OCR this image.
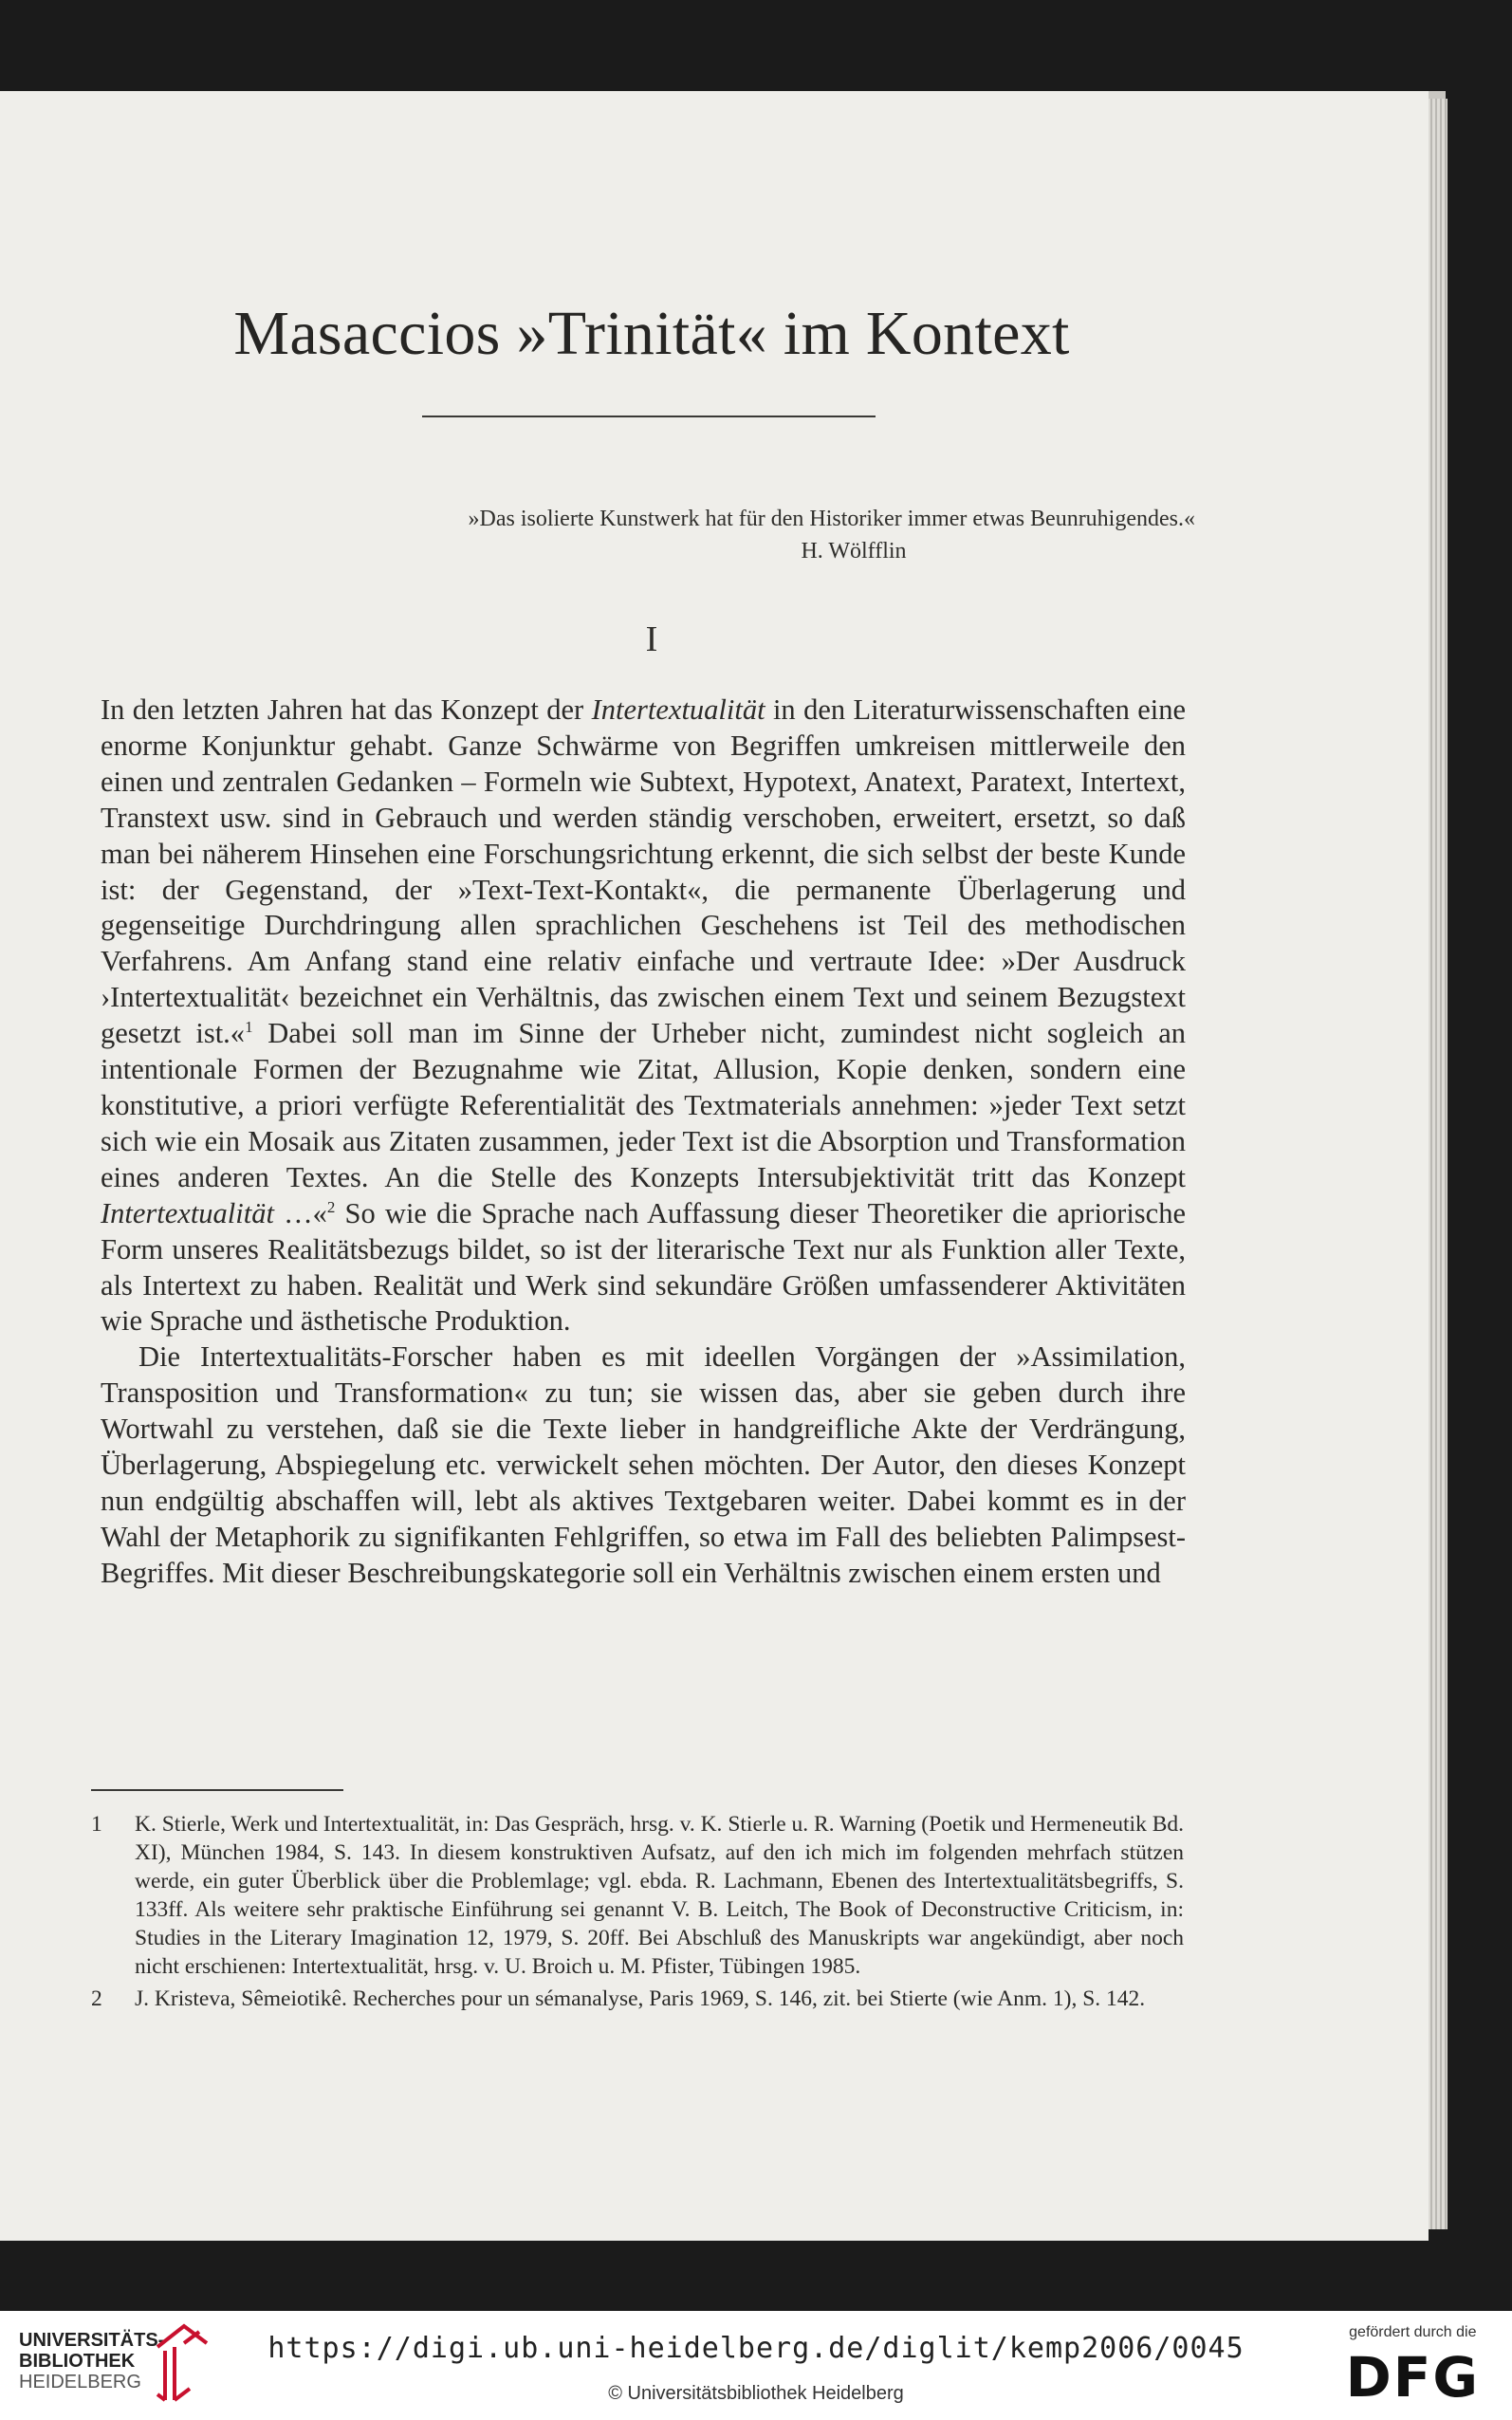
Masaccios »Trinität« im Kontext
»Das isolierte Kunstwerk hat für den Historiker immer etwas Beunruhigendes.«
H. Wölfflin
I

In den letzten Jahren hat das Konzept der Intertextualität in den Literaturwissenschaften eine enorme Konjunktur gehabt. Ganze Schwärme von Begriffen umkreisen mittlerweile den einen und zentralen Gedanken – Formeln wie Subtext, Hypotext, Anatext, Paratext, Intertext, Transtext usw. sind in Gebrauch und werden ständig verschoben, erweitert, ersetzt, so daß man bei näherem Hinsehen eine Forschungsrichtung erkennt, die sich selbst der beste Kunde ist: der Gegenstand, der »Text-Text-Kontakt«, die permanente Überlagerung und gegenseitige Durchdringung allen sprachlichen Geschehens ist Teil des methodischen Verfahrens. Am Anfang stand eine relativ einfache und vertraute Idee: »Der Ausdruck ›Intertextualität‹ bezeichnet ein Verhältnis, das zwischen einem Text und seinem Bezugstext gesetzt ist.«$^1$ Dabei soll man im Sinne der Urheber nicht, zumindest nicht sogleich an intentionale Formen der Bezugnahme wie Zitat, Allusion, Kopie denken, sondern eine konstitutive, a priori verfügte Referentialität des Textmaterials annehmen: »jeder Text setzt sich wie ein Mosaik aus Zitaten zusammen, jeder Text ist die Absorption und Transformation eines anderen Textes. An die Stelle des Konzepts Intersubjektivität tritt das Konzept Intertextualität …«$^2$ So wie die Sprache nach Auffassung dieser Theoretiker die apriorische Form unseres Realitätsbezugs bildet, so ist der literarische Text nur als Funktion aller Texte, als Intertext zu haben. Realität und Werk sind sekundäre Größen umfassenderer Aktivitäten wie Sprache und ästhetische Produktion.

Die Intertextualitäts-Forscher haben es mit ideellen Vorgängen der »Assimilation, Transposition und Transformation« zu tun; sie wissen das, aber sie geben durch ihre Wortwahl zu verstehen, daß sie die Texte lieber in handgreifliche Akte der Verdrängung, Überlagerung, Abspiegelung etc. verwickelt sehen möchten. Der Autor, den dieses Konzept nun endgültig abschaffen will, lebt als aktives Textgebaren weiter. Dabei kommt es in der Wahl der Metaphorik zu signifikanten Fehlgriffen, so etwa im Fall des beliebten Palimpsest-Begriffes. Mit dieser Beschreibungskategorie soll ein Verhältnis zwischen einem ersten und

1 K. Stierle, Werk und Intertextualität, in: Das Gespräch, hrsg. v. K. Stierle u. R. Warning (Poetik und Hermeneutik Bd. XI), München 1984, S. 143. In diesem konstruktiven Aufsatz, auf den ich mich im folgenden mehrfach stützen werde, ein guter Überblick über die Problemlage; vgl. ebda. R. Lachmann, Ebenen des Intertextualitätsbegriffs, S. 133ff. Als weitere sehr praktische Einführung sei genannt V. B. Leitch, The Book of Deconstructive Criticism, in: Studies in the Literary Imagination 12, 1979, S. 20ff. Bei Abschluß des Manuskripts war angekündigt, aber noch nicht erschienen: Intertextualität, hrsg. v. U. Broich u. M. Pfister, Tübingen 1985.

2 J. Kristeva, Sêmeiotikê. Recherches pour un sémanalyse, Paris 1969, S. 146, zit. bei Stierte (wie Anm. 1), S. 142.

UNIVERSITÄTS-
BIBLIOTHEK
HEIDELBERG
https://digi.ub.uni-heidelberg.de/diglit/kemp2006/0045
© Universitätsbibliothek Heidelberg
gefördert durch die
DFG
